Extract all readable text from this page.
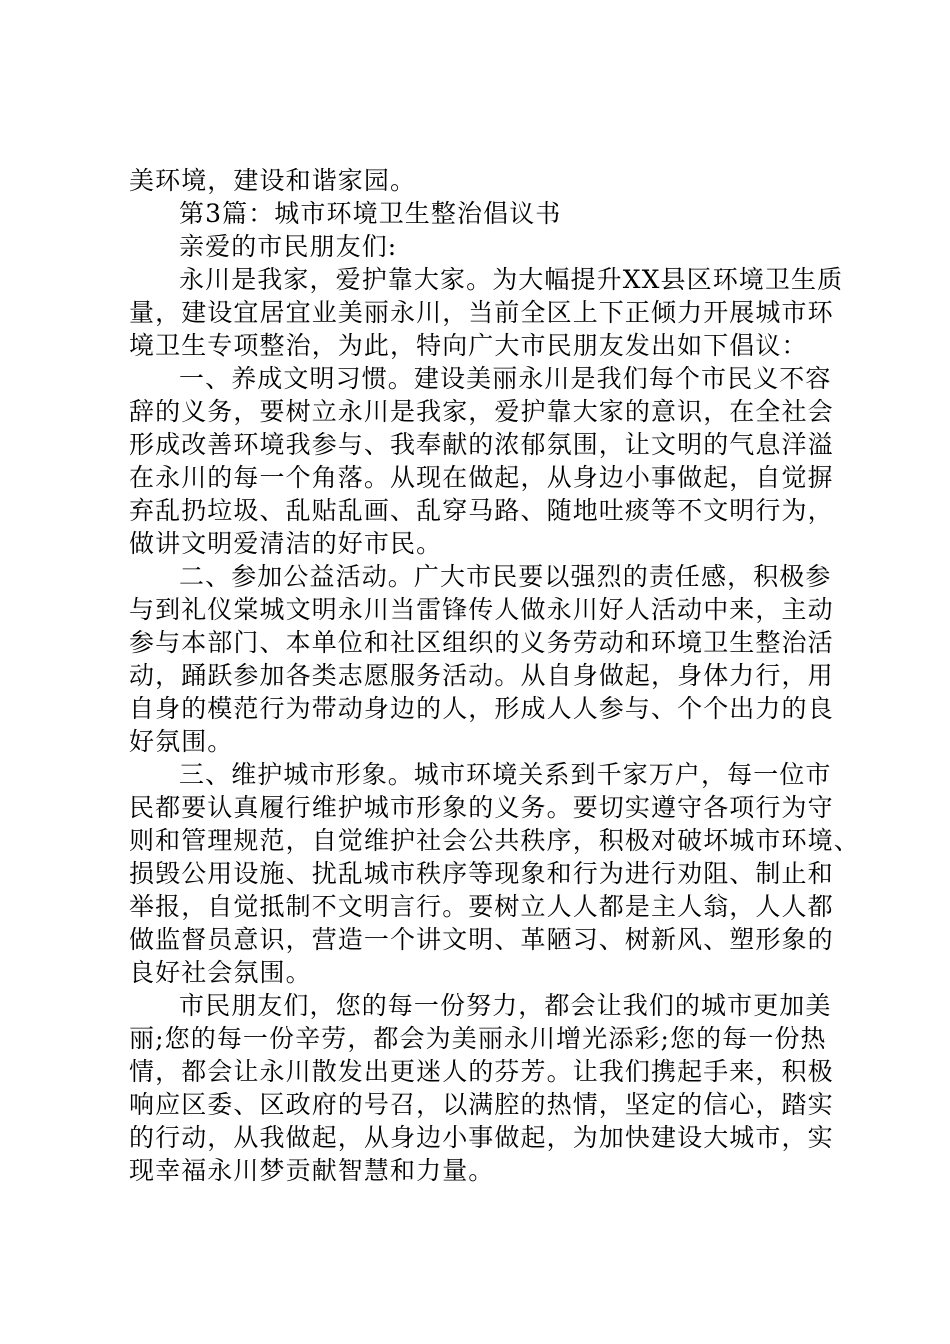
美环境，建设和谐家园。
第3篇：城市环境卫生整治倡议书
亲爱的市民朋友们:
永川是我家，爱护靠大家。为大幅提升XX县区环境卫生质
量，建设宜居宜业美丽永川，当前全区上下正倾力开展城市环
境卫生专项整治，为此，特向广大市民朋友发出如下倡议：
一、养成文明习惯。建设美丽永川是我们每个市民义不容
辞的义务，要树立永川是我家，爱护靠大家的意识，在全社会
形成改善环境我参与、我奉献的浓郁氛围，让文明的气息洋溢
在永川的每一个角落。从现在做起，从身边小事做起，自觉摒
弃乱扔垃圾、乱贴乱画、乱穿马路、随地吐痰等不文明行为，
做讲文明爱清洁的好市民。
二、参加公益活动。广大市民要以强烈的责任感，积极参
与到礼仪棠城文明永川当雷锋传人做永川好人活动中来，主动
参与本部门、本单位和社区组织的义务劳动和环境卫生整治活
动，踊跃参加各类志愿服务活动。从自身做起，身体力行，用
自身的模范行为带动身边的人，形成人人参与、个个出力的良
好氛围。
三、维护城市形象。城市环境关系到千家万户，每一位市
民都要认真履行维护城市形象的义务。要切实遵守各项行为守
则和管理规范，自觉维护社会公共秩序，积极对破坏城市环境、
损毁公用设施、扰乱城市秩序等现象和行为进行劝阻、制止和
举报，自觉抵制不文明言行。要树立人人都是主人翁，人人都
做监督员意识，营造一个讲文明、革陋习、树新风、塑形象的
良好社会氛围。
市民朋友们，您的每一份努力，都会让我们的城市更加美
丽;您的每一份辛劳，都会为美丽永川增光添彩;您的每一份热
情，都会让永川散发出更迷人的芬芳。让我们携起手来，积极
响应区委、区政府的号召，以满腔的热情，坚定的信心，踏实
的行动，从我做起，从身边小事做起，为加快建设大城市，实
现幸福永川梦贡献智慧和力量。
